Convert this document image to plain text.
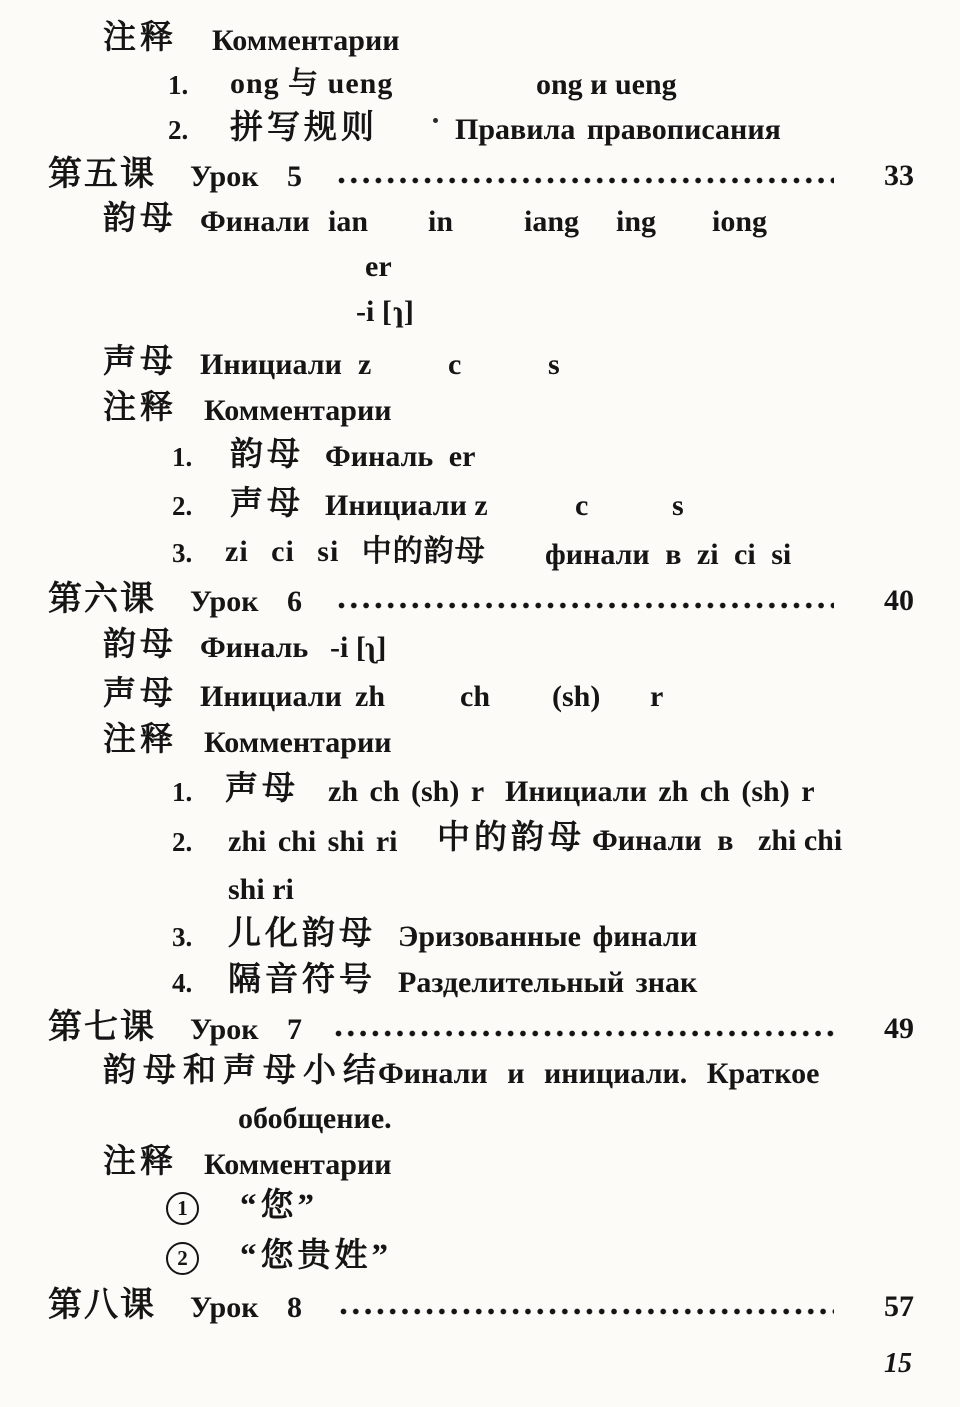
注释 Комментарии
1. ong 与 ueng	ong и ueng
2. 拼写规则	Правила правописания
第五课 Урок 5	33
韵母 Финали ian in iang ing iong
er
-i [ɿ]
声母 Инициали z	c	s
注释 Комментарии
1. 韵母 Финаль er
2. 声母 Инициали z	c	s
3. zi ci si 中的韵母 финали в zi ci si
第六课 Урок 6	40
韵母 Финаль -i [ʅ]
声母 Инициали zh	ch (sh) r
注释 Комментарии
1. 声母 zh ch (sh) r Инициали zh ch (sh) r
2. zhi chi shi ri 中的韵母 Финали в zhi chi
shi ri
3. 儿化韵母 Эризованные финали
4. 隔音符号 Разделительный знак
第七课 Урок 7	49
韵母和声母小结
Финали и инициали. Краткое
обобщение.
注释 Комментарии
1	“您”
2	“您贵姓”
第八课 Урок 8	57
15
